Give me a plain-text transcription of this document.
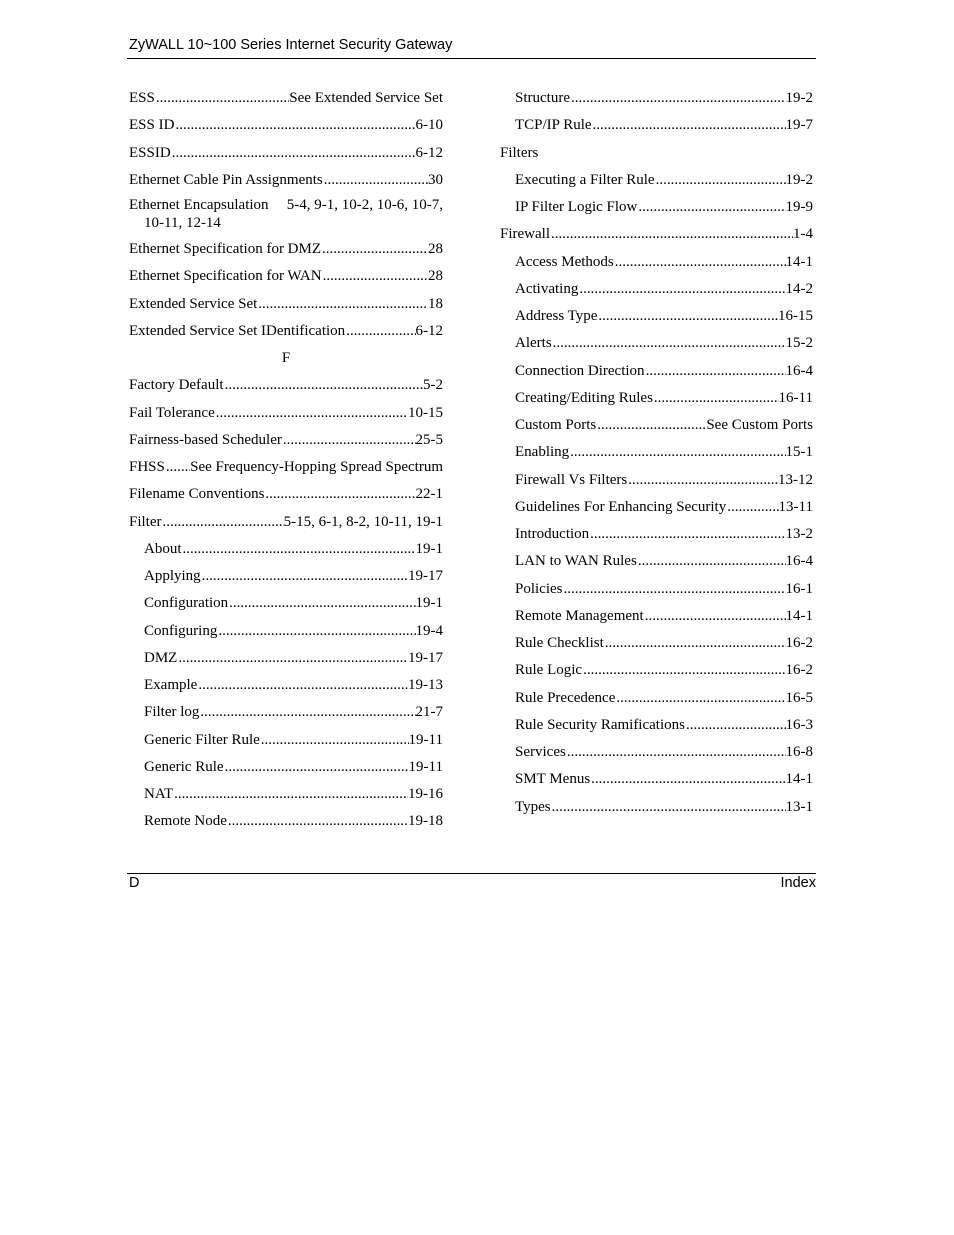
ZyWALL 10~100 Series Internet Security Gateway
ESS .....	See Extended Service Set
ESS ID .....	6-10
ESSID .....	6-12
Ethernet Cable Pin Assignments .....	30
Ethernet Encapsulation 5-4, 9-1, 10-2, 10-6, 10-7,
10-11, 12-14
Ethernet Specification for DMZ .....	28
Ethernet Specification for WAN .....	28
Extended Service Set .....	18
Extended Service Set IDentification .....	6-12
F
Factory Default .....	5-2
Fail Tolerance .....	10-15
Fairness-based Scheduler .....	25-5
FHSS ..... See Frequency-Hopping Spread Spectrum
Filename Conventions .....	22-1
Filter .....	5-15, 6-1, 8-2, 10-11, 19-1
About .....	19-1
Applying .....	19-17
Configuration .....	19-1
Configuring .....	19-4
DMZ .....	19-17
Example .....	19-13
Filter log .....	21-7
Generic Filter Rule .....	19-11
Generic Rule .....	19-11
NAT .....	19-16
Remote Node .....	19-18
Structure .....	19-2
TCP/IP Rule .....	19-7
Filters
Executing a Filter Rule .....	19-2
IP Filter Logic Flow .....	19-9
Firewall .....	1-4
Access Methods .....	14-1
Activating .....	14-2
Address Type .....	16-15
Alerts .....	15-2
Connection Direction .....	16-4
Creating/Editing Rules .....	16-11
Custom Ports .....	See Custom Ports
Enabling .....	15-1
Firewall Vs Filters .....	13-12
Guidelines For Enhancing Security .....	13-11
Introduction .....	13-2
LAN to WAN Rules .....	16-4
Policies .....	16-1
Remote Management .....	14-1
Rule Checklist .....	16-2
Rule Logic .....	16-2
Rule Precedence .....	16-5
Rule Security Ramifications .....	16-3
Services .....	16-8
SMT Menus .....	14-1
Types .....	13-1
D	Index
